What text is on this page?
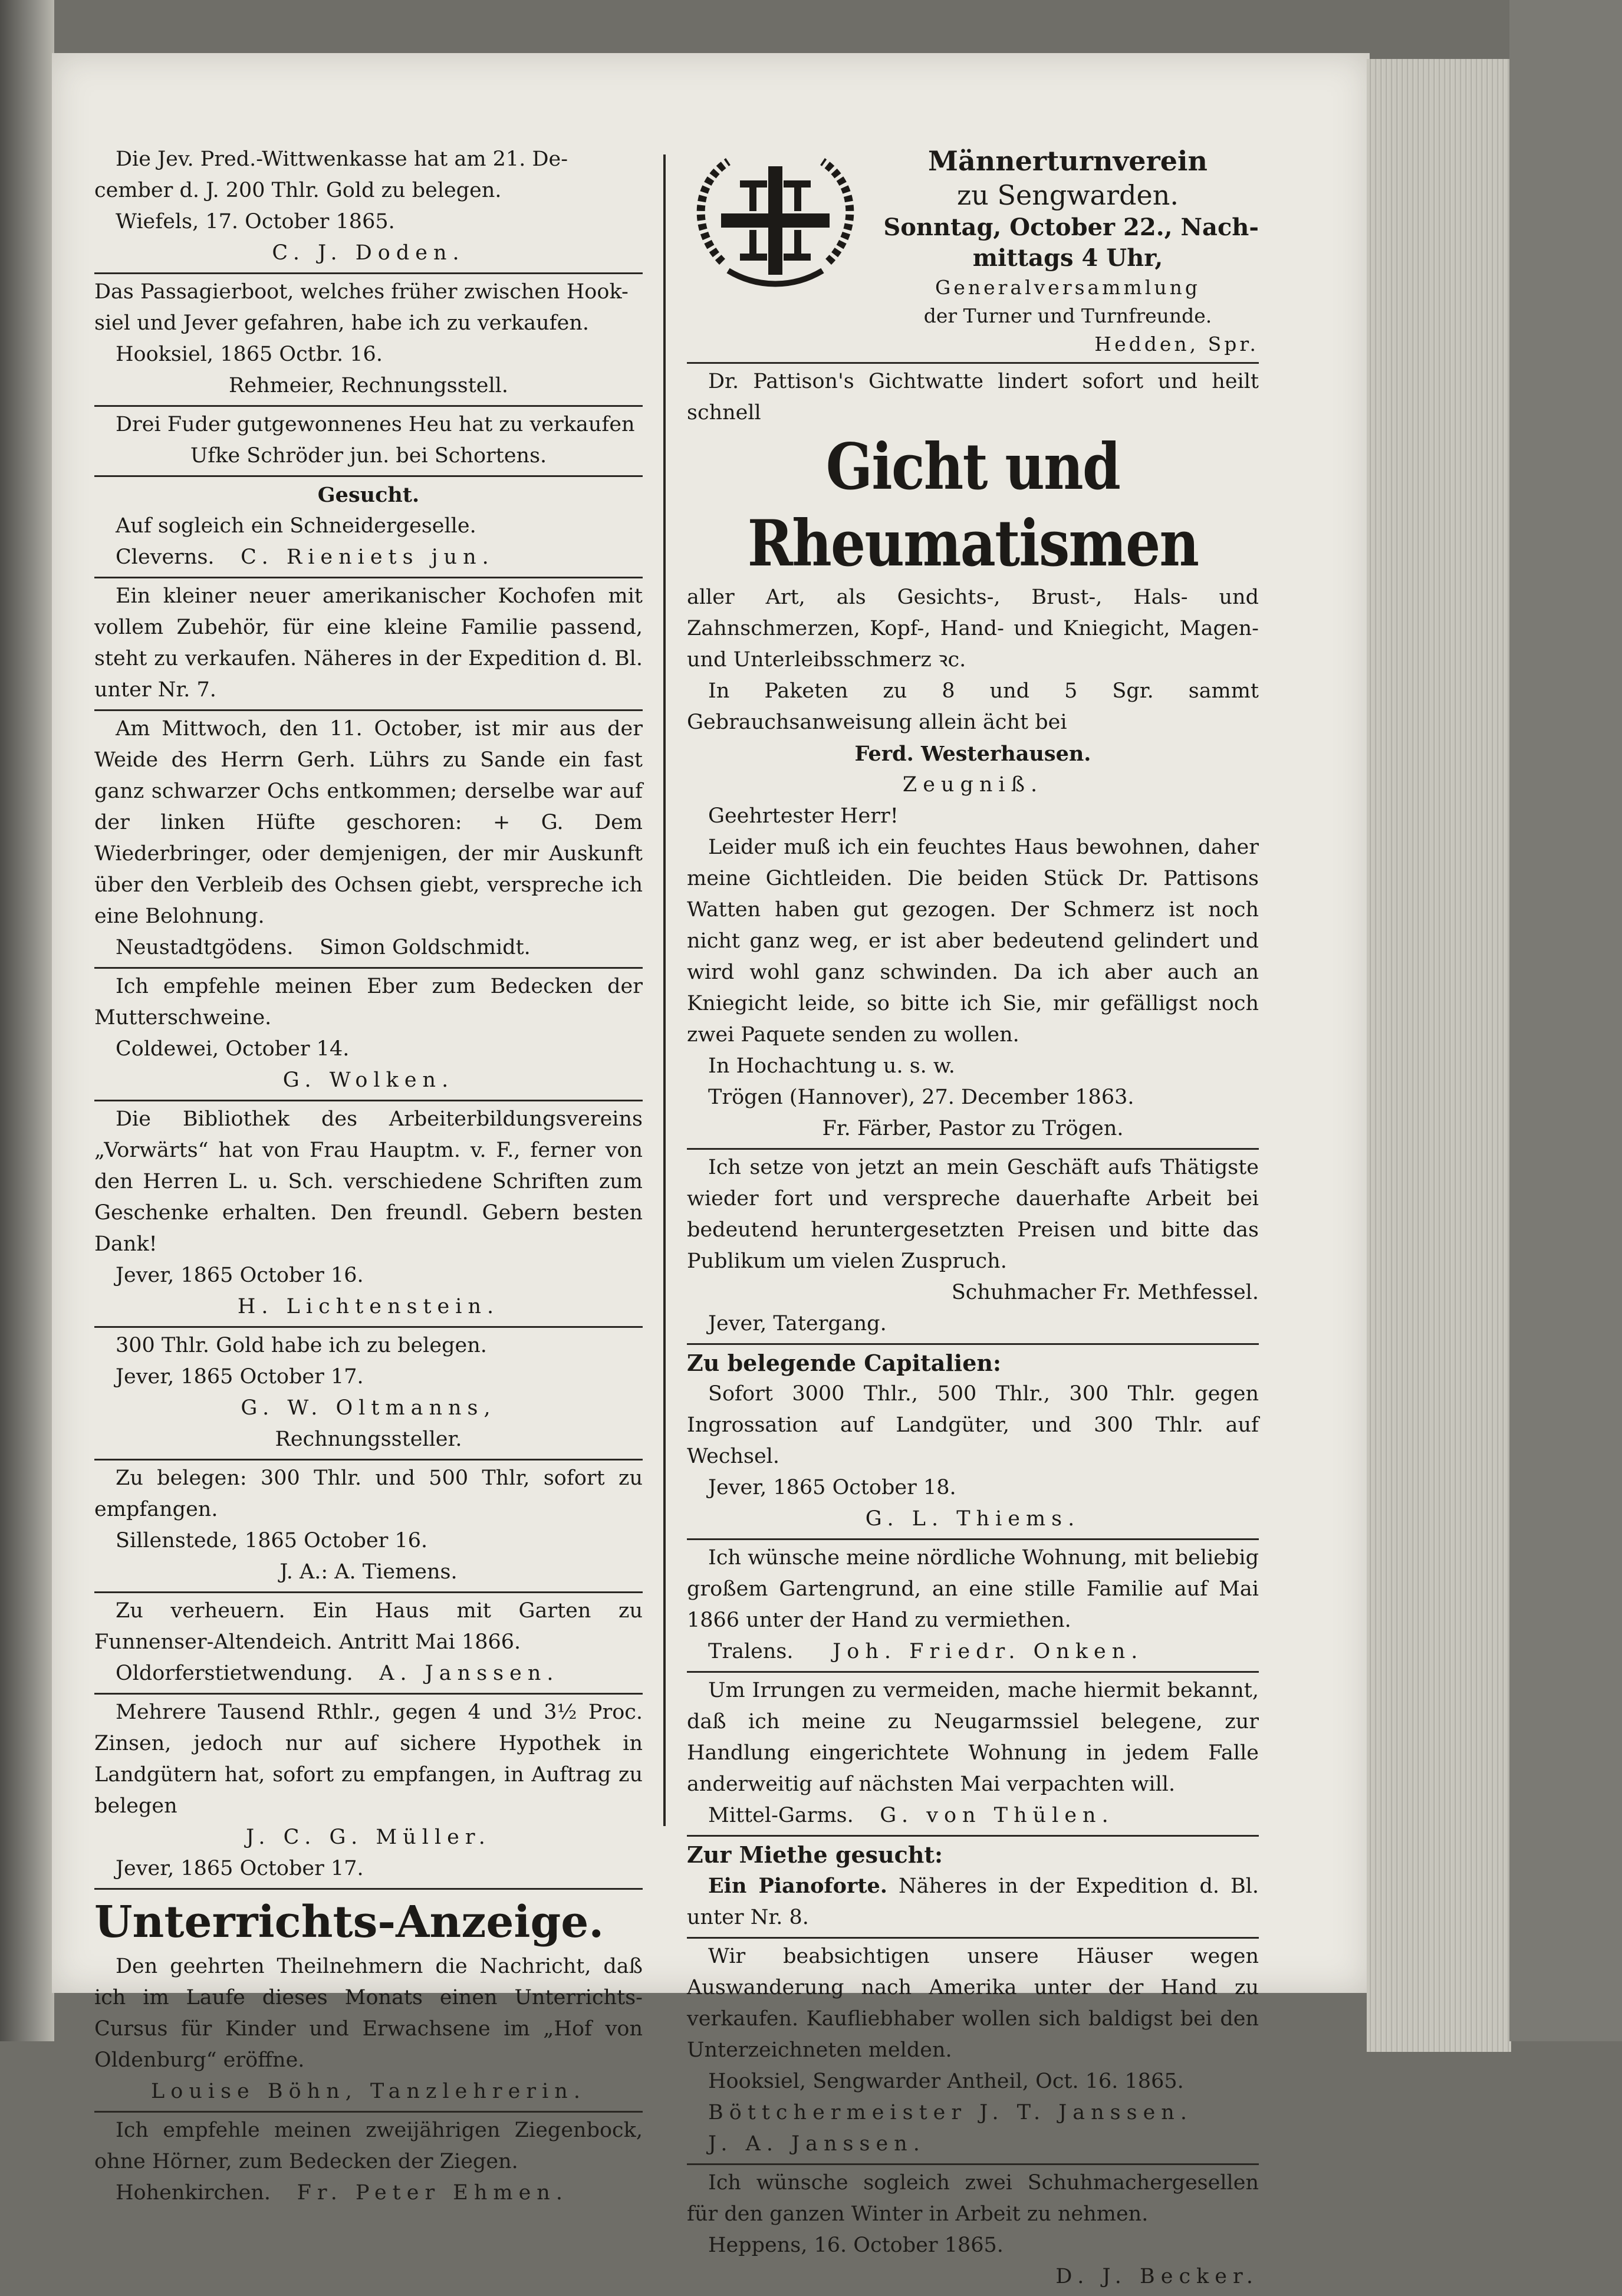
Die Jev. Pred.-Wittwenkasse hat am 21. De-

cember d. J. 200 Thlr. Gold zu belegen.

Wiefels, 17. October 1865.

C. J. Doden.

Das Passagierboot, welches früher zwischen Hook-

siel und Jever gefahren, habe ich zu verkaufen.

Hooksiel, 1865 Octbr. 16.

Rehmeier, Rechnungsstell.

Drei Fuder gutgewonnenes Heu hat zu verkaufen

Ufke Schröder jun. bei Schortens.

Gesucht.

Auf sogleich ein Schneidergeselle.

Cleverns. C. Rieniets jun.

Ein kleiner neuer amerikanischer Kochofen mit vollem Zubehör, für eine kleine Familie passend, steht zu verkaufen. Näheres in der Expedition d. Bl. unter Nr. 7.

Am Mittwoch, den 11. October, ist mir aus der Weide des Herrn Gerh. Lührs zu Sande ein fast ganz schwarzer Ochs entkommen; derselbe war auf der linken Hüfte geschoren: + G. Dem Wiederbringer, oder demjenigen, der mir Auskunft über den Verbleib des Ochsen giebt, verspreche ich eine Belohnung.

Neustadtgödens. Simon Goldschmidt.

Ich empfehle meinen Eber zum Bedecken der Mutterschweine.

Coldewei, October 14.

G. Wolken.

Die Bibliothek des Arbeiterbildungsvereins „Vorwärts“ hat von Frau Hauptm. v. F., ferner von den Herren L. u. Sch. verschiedene Schriften zum Geschenke erhalten. Den freundl. Gebern besten Dank!

Jever, 1865 October 16.

H. Lichtenstein.

300 Thlr. Gold habe ich zu belegen.

Jever, 1865 October 17.

G. W. Oltmanns,

Rechnungssteller.

Zu belegen: 300 Thlr. und 500 Thlr, sofort zu empfangen.

Sillenstede, 1865 October 16.

J. A.: A. Tiemens.

Zu verheuern. Ein Haus mit Garten zu Funnenser-Altendeich. Antritt Mai 1866.

Oldorferstietwendung. A. Janssen.

Mehrere Tausend Rthlr., gegen 4 und 3½ Proc. Zinsen, jedoch nur auf sichere Hypothek in Landgütern hat, sofort zu empfangen, in Auftrag zu belegen

J. C. G. Müller.

Jever, 1865 October 17.

Unterrichts-Anzeige.

Den geehrten Theilnehmern die Nachricht, daß ich im Laufe dieses Monats einen Unterrichts-Cursus für Kinder und Erwachsene im „Hof von Oldenburg“ eröffne.

Louise Böhn, Tanzlehrerin.

Ich empfehle meinen zweijährigen Ziegenbock, ohne Hörner, zum Bedecken der Ziegen.

Hohenkirchen. Fr. Peter Ehmen.

Männerturnverein
zu Sengwarden.
Sonntag, October 22., Nach-
mittags 4 Uhr,
Generalversammlung
der Turner und Turnfreunde.
Hedden, Spr.

Dr. Pattison's Gichtwatte lindert sofort und heilt schnell

Gicht und Rheumatismen

aller Art, als Gesichts-, Brust-, Hals- und Zahnschmerzen, Kopf-, Hand- und Kniegicht, Magen- und Unterleibsschmerz ꝛc.

In Paketen zu 8 und 5 Sgr. sammt Gebrauchsanweisung allein ächt bei

Ferd. Westerhausen.

Zeugniß.

Geehrtester Herr!

Leider muß ich ein feuchtes Haus bewohnen, daher meine Gichtleiden. Die beiden Stück Dr. Pattisons Watten haben gut gezogen. Der Schmerz ist noch nicht ganz weg, er ist aber bedeutend gelindert und wird wohl ganz schwinden. Da ich aber auch an Kniegicht leide, so bitte ich Sie, mir gefälligst noch zwei Paquete senden zu wollen.

In Hochachtung u. s. w.

Trögen (Hannover), 27. December 1863.

Fr. Färber, Pastor zu Trögen.

Ich setze von jetzt an mein Geschäft aufs Thätigste wieder fort und verspreche dauerhafte Arbeit bei bedeutend heruntergesetzten Preisen und bitte das Publikum um vielen Zuspruch.

Schuhmacher Fr. Methfessel.

Jever, Tatergang.

Zu belegende Capitalien:

Sofort 3000 Thlr., 500 Thlr., 300 Thlr. gegen Ingrossation auf Landgüter, und 300 Thlr. auf Wechsel.

Jever, 1865 October 18.

G. L. Thiems.

Ich wünsche meine nördliche Wohnung, mit beliebig großem Gartengrund, an eine stille Familie auf Mai 1866 unter der Hand zu vermiethen.

Tralens. Joh. Friedr. Onken.

Um Irrungen zu vermeiden, mache hiermit bekannt, daß ich meine zu Neugarmssiel belegene, zur Handlung eingerichtete Wohnung in jedem Falle anderweitig auf nächsten Mai verpachten will.

Mittel-Garms. G. von Thülen.

Zur Miethe gesucht:

Ein Pianoforte. Näheres in der Expedition d. Bl. unter Nr. 8.

Wir beabsichtigen unsere Häuser wegen Auswanderung nach Amerika unter der Hand zu verkaufen. Kaufliebhaber wollen sich baldigst bei den Unterzeichneten melden.

Hooksiel, Sengwarder Antheil, Oct. 16. 1865.

Böttchermeister J. T. Janssen.

J. A. Janssen.

Ich wünsche sogleich zwei Schuhmachergesellen für den ganzen Winter in Arbeit zu nehmen.

Heppens, 16. October 1865.

D. J. Becker.
